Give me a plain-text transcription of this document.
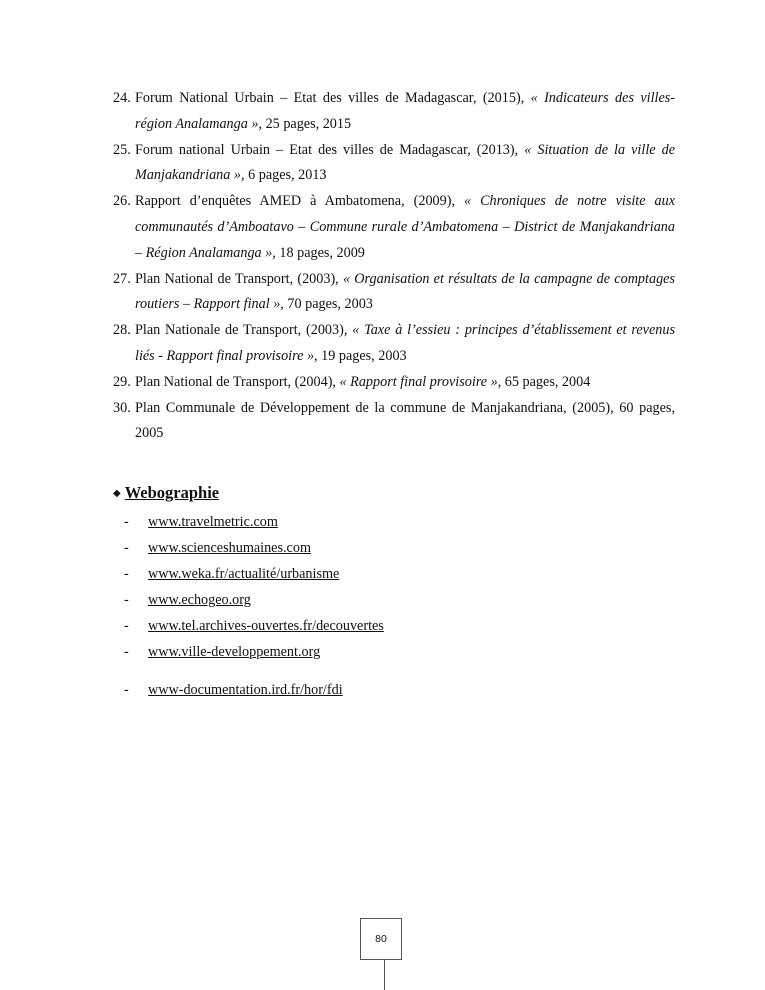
24. Forum National Urbain – Etat des villes de Madagascar, (2015), « Indicateurs des villes-région Analamanga », 25 pages, 2015
25. Forum national Urbain – Etat des villes de Madagascar, (2013), « Situation de la ville de Manjakandriana », 6 pages, 2013
26. Rapport d’enquêtes AMED à Ambatomena, (2009), « Chroniques de notre visite aux communautés d’Amboatavo – Commune rurale d’Ambatomena – District de Manjakandriana – Région Analamanga », 18 pages, 2009
27. Plan National de Transport, (2003), « Organisation et résultats de la campagne de comptages routiers – Rapport final », 70 pages, 2003
28. Plan Nationale de Transport, (2003), « Taxe à l’essieu : principes d’établissement et revenus liés - Rapport final provisoire », 19 pages, 2003
29. Plan National de Transport, (2004), « Rapport final provisoire », 65 pages, 2004
30. Plan Communale de Développement de la commune de Manjakandriana, (2005), 60 pages, 2005
◆ Webographie
- www.travelmetric.com
- www.scienceshumaines.com
- www.weka.fr/actualité/urbanisme
- www.echogeo.org
- www.tel.archives-ouvertes.fr/decouvertes
- www.ville-developpement.org
- www-documentation.ird.fr/hor/fdi
80
